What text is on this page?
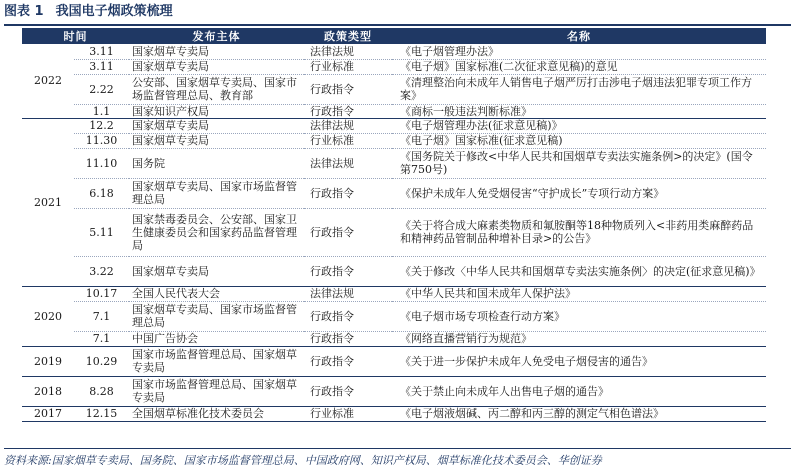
图表 1 我国电子烟政策梳理
时间		发布主体	政策类型	名称
2022	3.11	国家烟草专卖局	法律法规	《电子烟管理办法》
	3.11	国家烟草专卖局	行业标准	《电子烟》国家标准(二次征求意见稿)的意见
	2.22	公安部、国家烟草专卖局、国家市场监督管理总局、教育部	行政指令	《清理整治向未成年人销售电子烟严厉打击涉电子烟违法犯罪专项工作方案》
	1.1	国家知识产权局	行政指令	《商标一般违法判断标准》
2021	12.2	国家烟草专卖局	法律法规	《电子烟管理办法(征求意见稿)》
	11.30	国家烟草专卖局	行业标准	《电子烟》国家标准(征求意见稿)
	11.10	国务院	法律法规	《国务院关于修改<中华人民共和国烟草专卖法实施条例>的决定》(国令第750号)
	6.18	国家烟草专卖局、国家市场监督管理总局	行政指令	《保护未成年人免受烟侵害“守护成长”专项行动方案》
	5.11	国家禁毒委员会、公安部、国家卫生健康委员会和国家药品监督管理局	行政指令	《关于将合成大麻素类物质和氟胺酮等18种物质列入<非药用类麻醉药品和精神药品管制品种增补目录>的公告》
	3.22	国家烟草专卖局	行政指令	《关于修改〈中华人民共和国烟草专卖法实施条例〉的决定(征求意见稿)》
2020	10.17	全国人民代表大会	法律法规	《中华人民共和国未成年人保护法》
	7.1	国家烟草专卖局、国家市场监督管理总局	行政指令	《电子烟市场专项检查行动方案》
	7.1	中国广告协会	行政指令	《网络直播营销行为规范》
2019	10.29	国家市场监督管理总局、国家烟草专卖局	行政指令	《关于进一步保护未成年人免受电子烟侵害的通告》
2018	8.28	国家市场监督管理总局、国家烟草专卖局	行政指令	《关于禁止向未成年人出售电子烟的通告》
2017	12.15	全国烟草标准化技术委员会	行业标准	《电子烟液烟碱、丙二醇和丙三醇的测定气相色谱法》
资料来源:国家烟草专卖局、国务院、国家市场监督管理总局、中国政府网、知识产权局、烟草标准化技术委员会、华创证券
